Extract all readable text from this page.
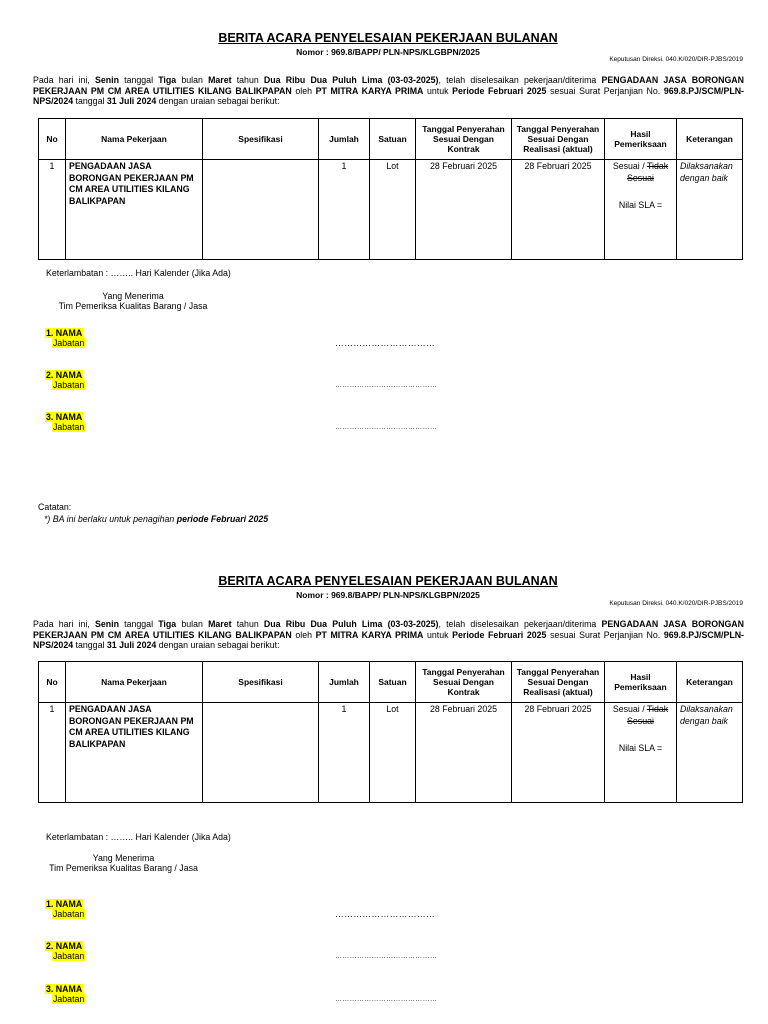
BERITA ACARA PENYELESAIAN PEKERJAAN BULANAN
Nomor : 969.8/BAPP/ PLN-NPS/KLGBPN/2025
Keputusan Direksi. 040.K/020/DIR-PJBS/2019
Pada hari ini, Senin tanggal Tiga bulan Maret tahun Dua Ribu Dua Puluh Lima (03-03-2025), telah diselesaikan pekerjaan/diterima PENGADAAN JASA BORONGAN PEKERJAAN PM CM AREA UTILITIES KILANG BALIKPAPAN oleh PT MITRA KARYA PRIMA untuk Periode Februari 2025 sesuai Surat Perjanjian No. 969.8.PJ/SCM/PLN-NPS/2024 tanggal 31 Juli 2024 dengan uraian sebagai berikut:
No	Nama Pekerjaan	Spesifikasi	Jumlah	Satuan	Tanggal Penyerahan Sesuai Dengan Kontrak	Tanggal Penyerahan Sesuai Dengan Realisasi (aktual)	Hasil Pemeriksaan	Keterangan
1	PENGADAAN JASA BORONGAN PEKERJAAN PM CM AREA UTILITIES KILANG BALIKPAPAN		1	Lot	28 Februari 2025	28 Februari 2025	Sesuai / Tidak Sesuai
Nilai SLA =	Dilaksanakan dengan baik
Keterlambatan : …….. Hari Kalender (Jika Ada)
Yang Menerima
Tim Pemeriksa Kualitas Barang / Jasa
1. NAMA
Jabatan	……………………………
2. NAMA
Jabatan	……………………………………
3. NAMA
Jabatan	……………………………………
Catatan:
*) BA ini berlaku untuk penagihan periode Februari 2025
BERITA ACARA PENYELESAIAN PEKERJAAN BULANAN
Nomor : 969.8/BAPP/ PLN-NPS/KLGBPN/2025
Keputusan Direksi. 040.K/020/DIR-PJBS/2019
Pada hari ini, Senin tanggal Tiga bulan Maret tahun Dua Ribu Dua Puluh Lima (03-03-2025), telah diselesaikan pekerjaan/diterima PENGADAAN JASA BORONGAN PEKERJAAN PM CM AREA UTILITIES KILANG BALIKPAPAN oleh PT MITRA KARYA PRIMA untuk Periode Februari 2025 sesuai Surat Perjanjian No. 969.8.PJ/SCM/PLN-NPS/2024 tanggal 31 Juli 2024 dengan uraian sebagai berikut:
No	Nama Pekerjaan	Spesifikasi	Jumlah	Satuan	Tanggal Penyerahan Sesuai Dengan Kontrak	Tanggal Penyerahan Sesuai Dengan Realisasi (aktual)	Hasil Pemeriksaan	Keterangan
1	PENGADAAN JASA BORONGAN PEKERJAAN PM CM AREA UTILITIES KILANG BALIKPAPAN		1	Lot	28 Februari 2025	28 Februari 2025	Sesuai / Tidak Sesuai
Nilai SLA =	Dilaksanakan dengan baik
Keterlambatan : …….. Hari Kalender (Jika Ada)
Yang Menerima
Tim Pemeriksa Kualitas Barang / Jasa
1. NAMA
Jabatan	……………………………
2. NAMA
Jabatan	……………………………………
3. NAMA
Jabatan	……………………………………
